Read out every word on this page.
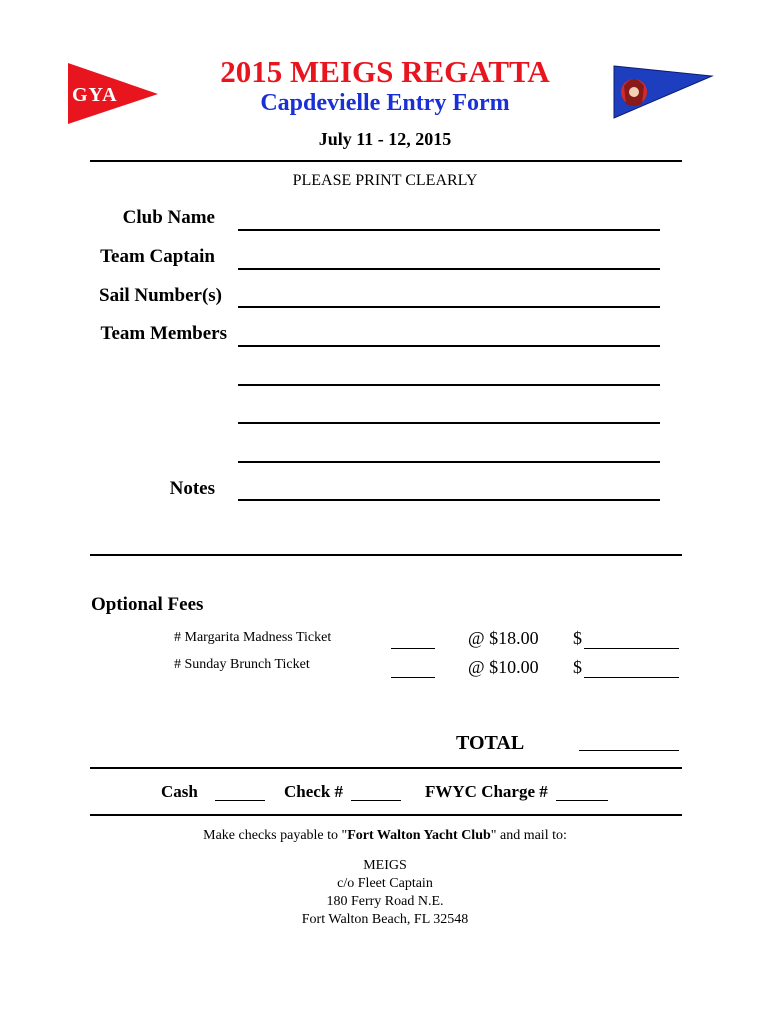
GYA
2015 MEIGS REGATTA
Capdevielle Entry Form
July 11 - 12, 2015
PLEASE PRINT CLEARLY
Club Name
Team Captain
Sail Number(s)
Team Members
Notes
Optional Fees
# Margarita Madness Ticket	@ $18.00 $
# Sunday Brunch Ticket	@ $10.00 $
TOTAL
Cash	Check #	FWYC Charge #
Make checks payable to "Fort Walton Yacht Club" and mail to:
MEIGS
c/o Fleet Captain
180 Ferry Road N.E.
Fort Walton Beach, FL 32548
